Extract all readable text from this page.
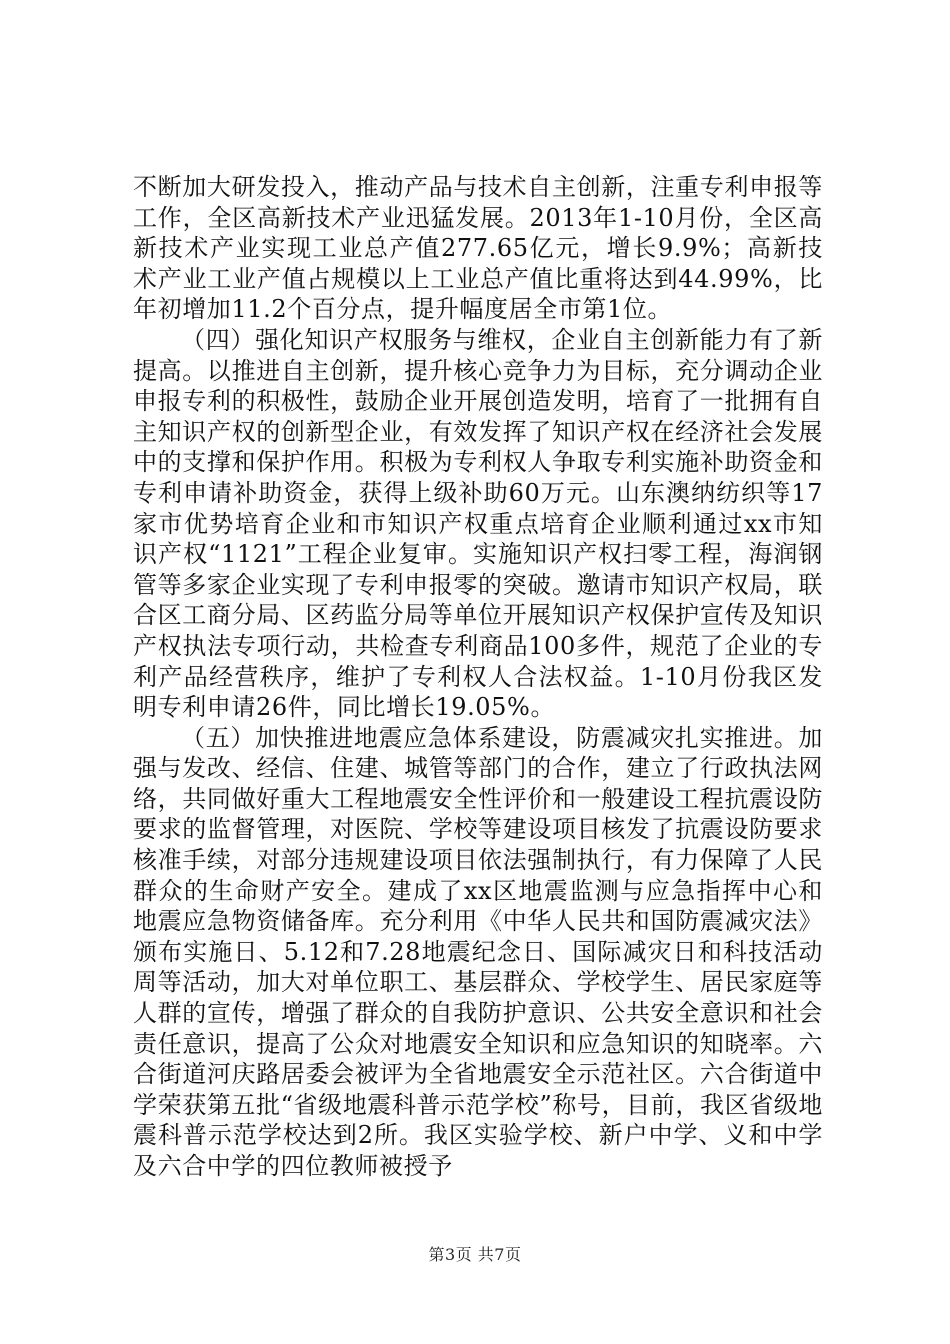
不断加大研发投入，推动产品与技术自主创新，注重专利申报等工作，全区高新技术产业迅猛发展。2013年1-10月份，全区高新技术产业实现工业总产值277.65亿元，增长9.9%；高新技术产业工业产值占规模以上工业总产值比重将达到44.99%，比年初增加11.2个百分点，提升幅度居全市第1位。

（四）强化知识产权服务与维权，企业自主创新能力有了新提高。以推进自主创新，提升核心竞争力为目标，充分调动企业申报专利的积极性，鼓励企业开展创造发明，培育了一批拥有自主知识产权的创新型企业，有效发挥了知识产权在经济社会发展中的支撑和保护作用。积极为专利权人争取专利实施补助资金和专利申请补助资金，获得上级补助60万元。山东澳纳纺织等17家市优势培育企业和市知识产权重点培育企业顺利通过xx市知识产权“1121”工程企业复审。实施知识产权扫零工程，海润钢管等多家企业实现了专利申报零的突破。邀请市知识产权局，联合区工商分局、区药监分局等单位开展知识产权保护宣传及知识产权执法专项行动，共检查专利商品100多件，规范了企业的专利产品经营秩序，维护了专利权人合法权益。1-10月份我区发明专利申请26件，同比增长19.05%。

（五）加快推进地震应急体系建设，防震减灾扎实推进。加强与发改、经信、住建、城管等部门的合作，建立了行政执法网络，共同做好重大工程地震安全性评价和一般建设工程抗震设防要求的监督管理，对医院、学校等建设项目核发了抗震设防要求核准手续，对部分违规建设项目依法强制执行，有力保障了人民群众的生命财产安全。建成了xx区地震监测与应急指挥中心和地震应急物资储备库。充分利用《中华人民共和国防震减灾法》颁布实施日、5.12和7.28地震纪念日、国际减灾日和科技活动周等活动，加大对单位职工、基层群众、学校学生、居民家庭等人群的宣传，增强了群众的自我防护意识、公共安全意识和社会责任意识，提高了公众对地震安全知识和应急知识的知晓率。六合街道河庆路居委会被评为全省地震安全示范社区。六合街道中学荣获第五批“省级地震科普示范学校”称号，目前，我区省级地震科普示范学校达到2所。我区实验学校、新户中学、义和中学及六合中学的四位教师被授予

第3页 共7页
